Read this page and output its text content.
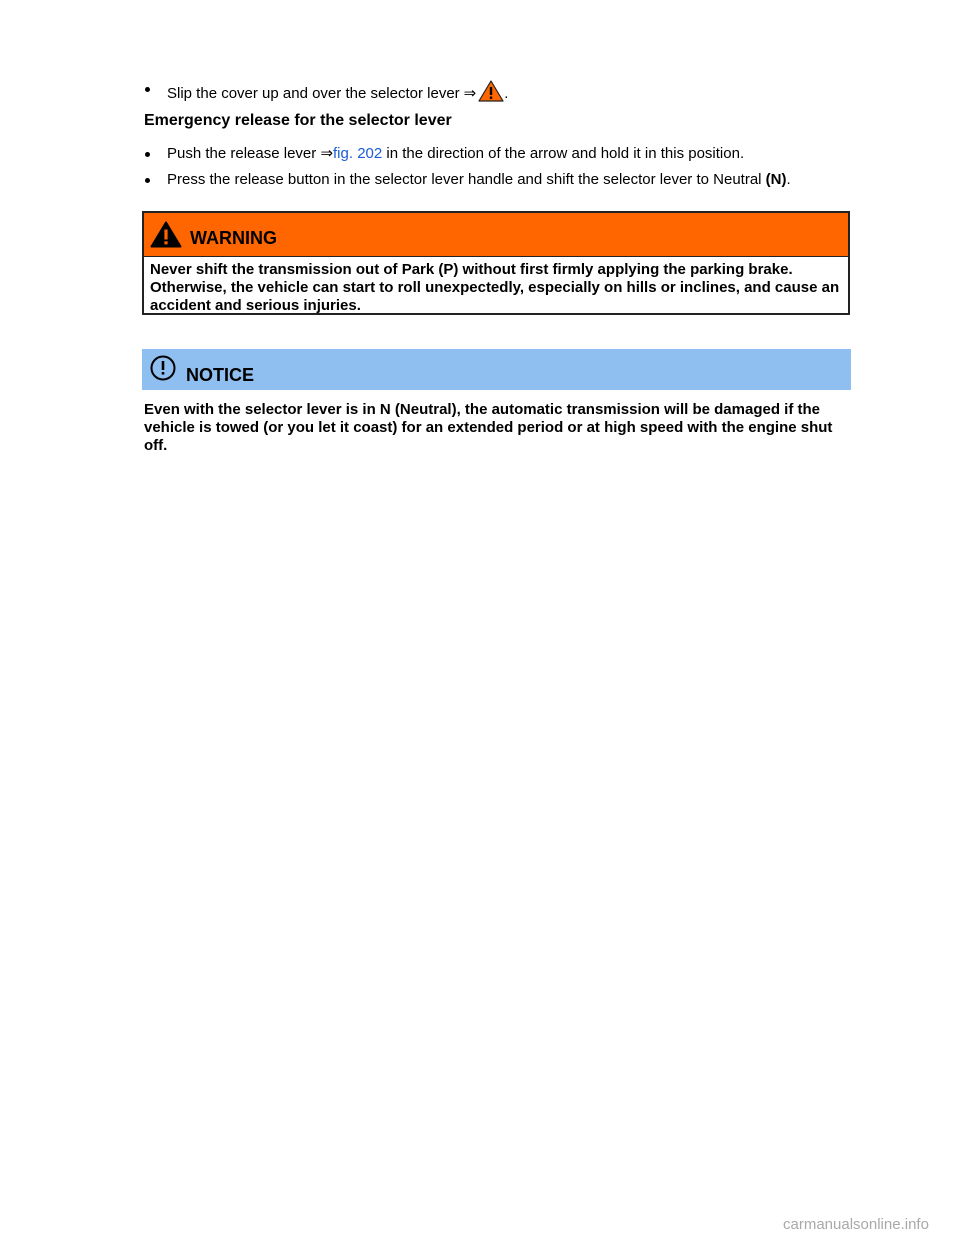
Slip the cover up and over the selector lever ⇒ .
Emergency release for the selector lever
Push the release lever ⇒fig. 202 in the direction of the arrow and hold it in this position.
Press the release button in the selector lever handle and shift the selector lever to Neutral (N).
WARNING
Never shift the transmission out of Park (P) without first firmly applying the parking brake. Otherwise, the vehicle can start to roll unexpectedly, especially on hills or inclines, and cause an accident and serious injuries.
NOTICE
Even with the selector lever is in N (Neutral), the automatic transmission will be damaged if the vehicle is towed (or you let it coast) for an extended period or at high speed with the engine shut off.
carmanualsonline.info
